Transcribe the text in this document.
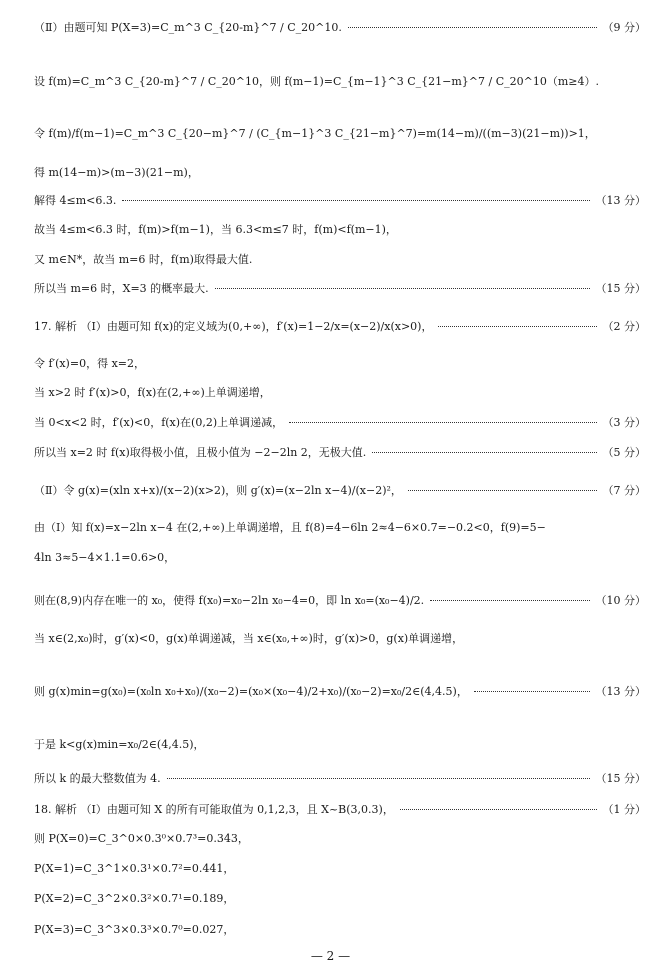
（Ⅱ）由题可知 P(X=3)=C_m^3 C_{20-m}^7 / C_20^10.	（9 分）
设 f(m)=C_m^3 C_{20-m}^7 / C_20^10，则 f(m−1)=C_{m−1}^3 C_{21−m}^7 / C_20^10（m≥4）.
令 f(m)/f(m−1)=C_m^3 C_{20−m}^7 / (C_{m−1}^3 C_{21−m}^7)=m(14−m)/((m−3)(21−m))>1，
得 m(14−m)>(m−3)(21−m)，
解得 4≤m<6.3.	（13 分）
故当 4≤m<6.3 时，f(m)>f(m−1)，当 6.3<m≤7 时，f(m)<f(m−1)，
又 m∈N*，故当 m=6 时，f(m)取得最大值.
所以当 m=6 时，X=3 的概率最大.	（15 分）
17. 解析 （Ⅰ）由题可知 f(x)的定义域为(0,+∞)，f′(x)=1−2/x=(x−2)/x(x>0)，	（2 分）
令 f′(x)=0，得 x=2，
当 x>2 时 f′(x)>0，f(x)在(2,+∞)上单调递增，
当 0<x<2 时，f′(x)<0，f(x)在(0,2)上单调递减，	（3 分）
所以当 x=2 时 f(x)取得极小值，且极小值为 −2−2ln 2，无极大值.	（5 分）
（Ⅱ）令 g(x)=(xln x+x)/(x−2)(x>2)，则 g′(x)=(x−2ln x−4)/(x−2)²，	（7 分）
由（Ⅰ）知 f(x)=x−2ln x−4 在(2,+∞)上单调递增，且 f(8)=4−6ln 2≈4−6×0.7=−0.2<0，f(9)=5−
4ln 3≈5−4×1.1=0.6>0，
则在(8,9)内存在唯一的 x₀，使得 f(x₀)=x₀−2ln x₀−4=0，即 ln x₀=(x₀−4)/2.	（10 分）
当 x∈(2,x₀)时，g′(x)<0，g(x)单调递减，当 x∈(x₀,+∞)时，g′(x)>0，g(x)单调递增，
则 g(x)min=g(x₀)=(x₀ln x₀+x₀)/(x₀−2)=(x₀×(x₀−4)/2+x₀)/(x₀−2)=x₀/2∈(4,4.5)，	（13 分）
于是 k<g(x)min=x₀/2∈(4,4.5)，
所以 k 的最大整数值为 4.	（15 分）
18. 解析 （Ⅰ）由题可知 X 的所有可能取值为 0,1,2,3，且 X~B(3,0.3)，	（1 分）
则 P(X=0)=C_3^0×0.3⁰×0.7³=0.343，
P(X=1)=C_3^1×0.3¹×0.7²=0.441，
P(X=2)=C_3^2×0.3²×0.7¹=0.189，
P(X=3)=C_3^3×0.3³×0.7⁰=0.027，
— 2 —
